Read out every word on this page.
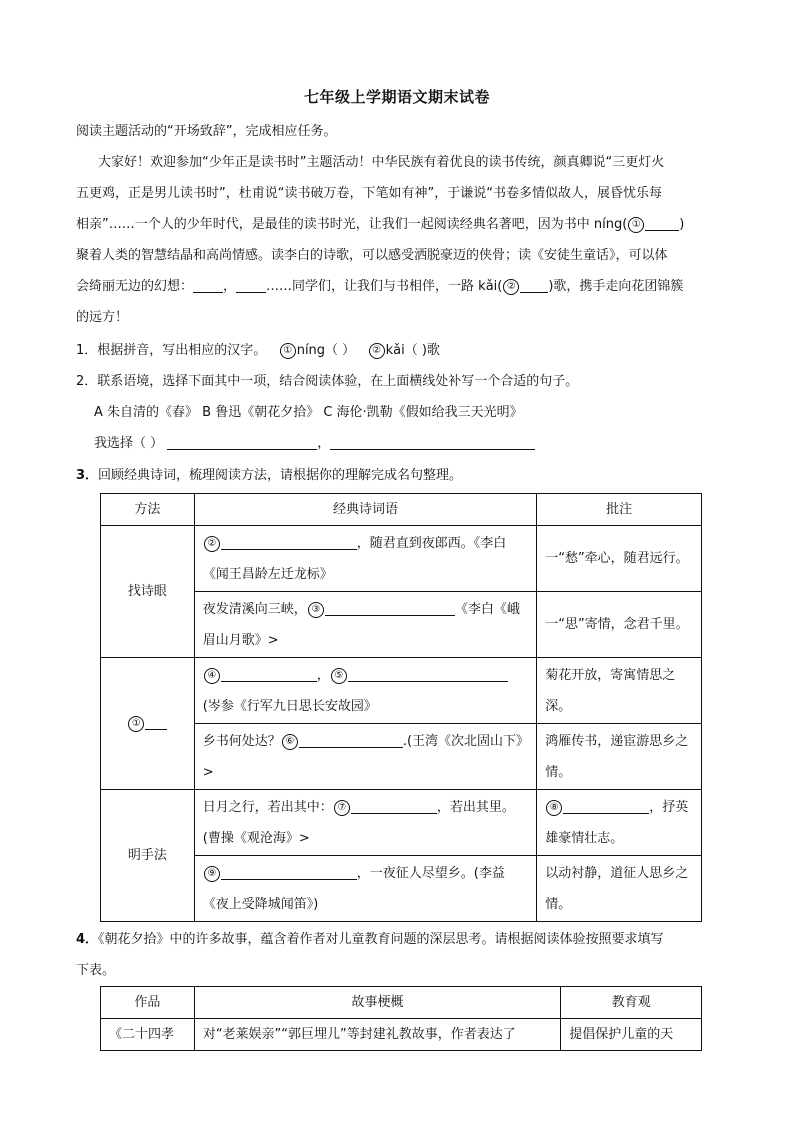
七年级上学期语文期末试卷

阅读主题活动的“开场致辞”，完成相应任务。

大家好！欢迎参加“少年正是读书时”主题活动！中华民族有着优良的读书传统，颜真卿说“三更灯火

五更鸡，正是男儿读书时”，杜甫说“读书破万卷，下笔如有神”，于谦说“书卷多情似故人，展昏忧乐每

相亲”……一个人的少年时代，是最佳的读书时光，让我们一起阅读经典名著吧，因为书中 níng( ①	)

聚着人类的智慧结晶和高尚情感。读李白的诗歌，可以感受洒脱豪迈的侠骨；读《安徒生童话》，可以体

会绮丽无边的幻想： ， ……同学们，让我们与书相伴，一路 kǎi( ②	)歌，携手走向花团锦簇

的远方！

1．根据拼音，写出相应的汉字。 ① níng（ ） ② kǎi（ )歌

2．联系语境，选择下面其中一项，结合阅读体验，在上面横线处补写一个合适的句子。

A 朱自清的《春》 B 鲁迅《朝花夕拾》 C 海伦·凯勒《假如给我三天光明》

我选择（ ）	，

3．回顾经典诗词，梳理阅读方法，请根据你的理解完成名句整理。

方法	经典诗词语	批注
找诗眼	② ，随君直到夜郎西。《李白《闻王昌龄左迁龙标》	一“愁”牵心，随君远行。
	夜发清溪向三峡， ③ 《李白《峨眉山月歌》>	一“思”寄情，念君千里。
①	④ ， ⑤
(岑参《行军九日思长安故园》	菊花开放，寄寓情思之深。
	乡书何处达？ ⑥ .(王湾《次北固山下》>	鸿雁传书，递宦游思乡之情。
明手法	日月之行，若出其中： ⑦ ，若出其里。(曹操《观沧海》>	⑧ ，抒英雄豪情壮志。
	⑨ ，一夜征人尽望乡。(李益《夜上受降城闻笛》)	以动衬静，道征人思乡之情。

4．《朝花夕拾》中的许多故事，蕴含着作者对儿童教育问题的深层思考。请根据阅读体验按照要求填写

下表。

作品	故事梗概	教育观
《二十四孝	对“老莱娱亲”“郭巨埋儿”等封建礼教故事，作者表达了	提倡保护儿童的天
